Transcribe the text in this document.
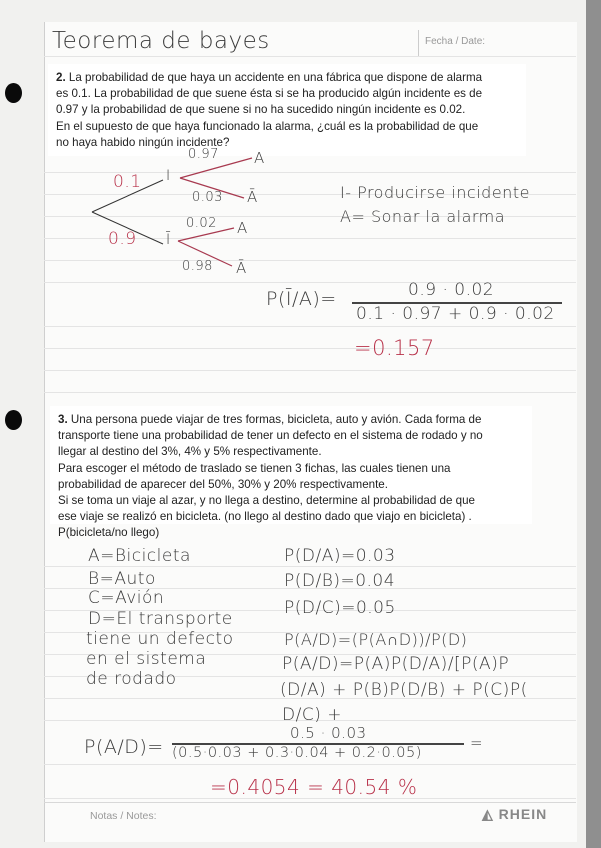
Teorema de bayes	Fecha / Date:
2. La probabilidad de que haya un accidente en una fábrica que dispone de alarma
es 0.1. La probabilidad de que suene ésta si se ha producido algún incidente es de
0.97 y la probabilidad de que suene si no ha sucedido ningún incidente es 0.02.
En el supuesto de que haya funcionado la alarma, ¿cuál es la probabilidad de que
no haya habido ningún incidente?
0.1
0.9
I
Ī
0.97
0.03
0.02
0.98
A
Ā
A
Ā
I- Producirse incidente
A= Sonar la alarma
P(Ī/A)=	0.9 · 0.02
0.1 · 0.97 + 0.9 · 0.02
=0.157
3. Una persona puede viajar de tres formas, bicicleta, auto y avión. Cada forma de
transporte tiene una probabilidad de tener un defecto en el sistema de rodado y no
llegar al destino del 3%, 4% y 5% respectivamente.
Para escoger el método de traslado se tienen 3 fichas, las cuales tienen una
probabilidad de aparecer del 50%, 30% y 20% respectivamente.
Si se toma un viaje al azar, y no llega a destino, determine al probabilidad de que
ese viaje se realizó en bicicleta. (no llego al destino dado que viajo en bicicleta) .
P(bicicleta/no llego)
A=Bicicleta
B=Auto
C=Avión
D=El transporte
tiene un defecto
en el sistema
de rodado
P(D/A)=0.03
P(D/B)=0.04
P(D/C)=0.05
P(A/D)=(P(A∩D))/P(D)
P(A/D)=P(A)P(D/A)/[P(A)P
(D/A) + P(B)P(D/B) + P(C)P(
D/C) +
P(A/D)=
0.5 · 0.03
(0.5·0.03 + 0.3·0.04 + 0.2·0.05)
=
=0.4054 = 40.54 %
Notas / Notes:	◭ RHEIN
